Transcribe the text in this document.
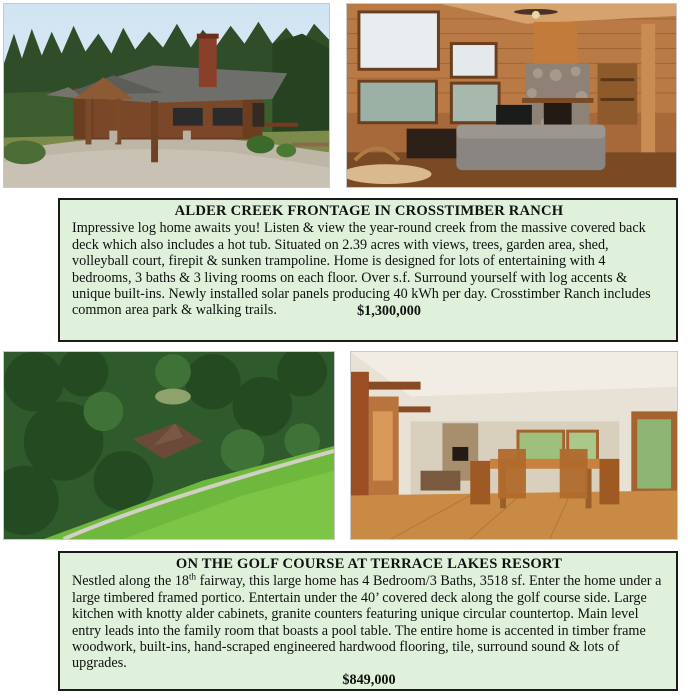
ALDER CREEK FRONTAGE IN CROSSTIMBER RANCH

Impressive log home awaits you! Listen & view the year-round creek from the massive covered back deck which also includes a hot tub. Situated on 2.39 acres with views, trees, garden area, shed, volleyball court, firepit & sunken trampoline. Home is designed for lots of entertaining with 4 bedrooms, 3 baths & 3 living rooms on each floor. Over s.f. Surround yourself with log accents & unique built-ins. Newly installed solar panels producing 40 kWh per day. Crosstimber Ranch includes common area park & walking trails.	$1,300,000

ON THE GOLF COURSE AT TERRACE LAKES RESORT

Nestled along the 18th fairway, this large home has 4 Bedroom/3 Baths, 3518 sf. Enter the home under a large timbered framed portico. Entertain under the 40’ covered deck along the golf course side. Large kitchen with knotty alder cabinets, granite counters featuring unique circular countertop. Main level entry leads into the family room that boasts a pool table. The entire home is accented in timber frame woodwork, built-ins, hand-scraped engineered hardwood flooring, tile, surround sound & lots of upgrades.
$849,000
